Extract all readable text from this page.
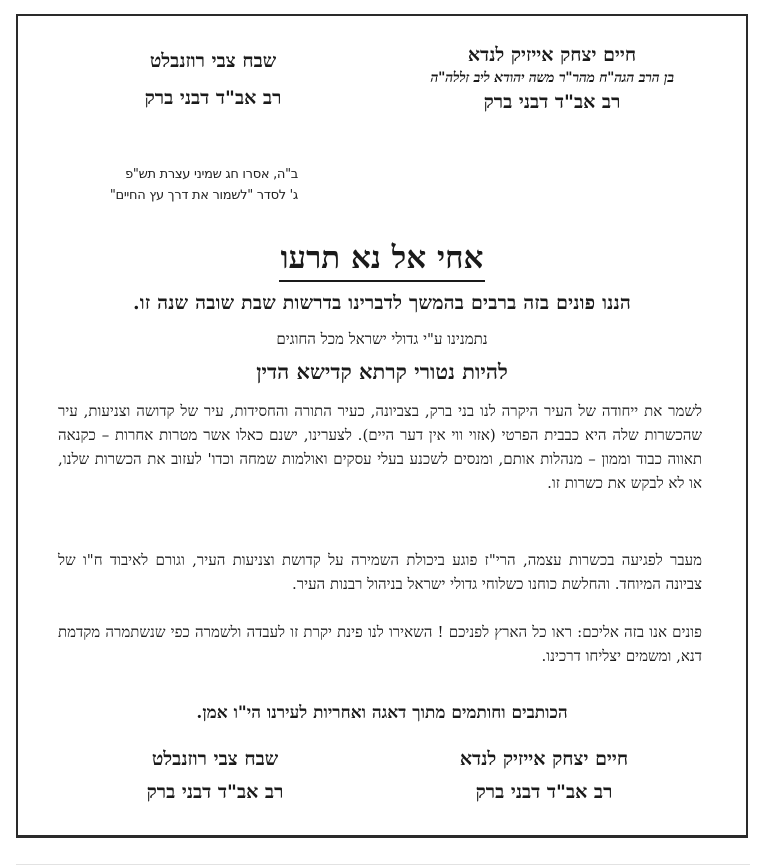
חיים יצחק אייזיק לנדא
בן הרב הגה"ח מהר"ר משה יהודא ליב זללה"ה
רב אב"ד דבני ברק
שבח צבי רוזנבלט
רב אב"ד דבני ברק
ב"ה, אסרו חג שמיני עצרת תש"פ
ג' לסדר "לשמור את דרך עץ החיים"
אחי אל נא תרעו
הננו פונים בזה ברבים בהמשך לדברינו בדרשות שבת שובה שנה זו.
נתמנינו ע"י גדולי ישראל מכל החוגים
להיות נטורי קרתא קדישא הדין
לשמר את ייחודה של העיר היקרה לנו בני ברק, בצביונה, כעיר התורה והחסידות, עיר של קדושה וצניעות, עיר שהכשרות שלה היא כבבית הפרטי (אזוי ווי אין דער היים). לצערינו, ישנם כאלו אשר מטרות אחרות – כקנאה תאווה כבוד וממון – מנהלות אותם, ומנסים לשכנע בעלי עסקים ואולמות שמחה וכדו' לעזוב את הכשרות שלנו, או לא לבקש את כשרות זו.
מעבר לפגיעה בכשרות עצמה, הרי"ז פוגע ביכולת השמירה על קדושת וצניעות העיר, וגורם לאיבוד ח"ו של צביונה המיוחד. והחלשת כוחנו כשלוחי גדולי ישראל בניהול רבנות העיר.
פונים אנו בזה אליכם: ראו כל הארץ לפניכם ! השאירו לנו פינת יקרת זו לעבדה ולשמרה כפי שנשתמרה מקדמת דנא, ומשמים יצליחו דרכינו.
הכותבים וחותמים מתוך דאגה ואחריות לעירנו הי"ו אמן.
חיים יצחק אייזיק לנדא
רב אב"ד דבני ברק
שבח צבי רוזנבלט
רב אב"ד דבני ברק
